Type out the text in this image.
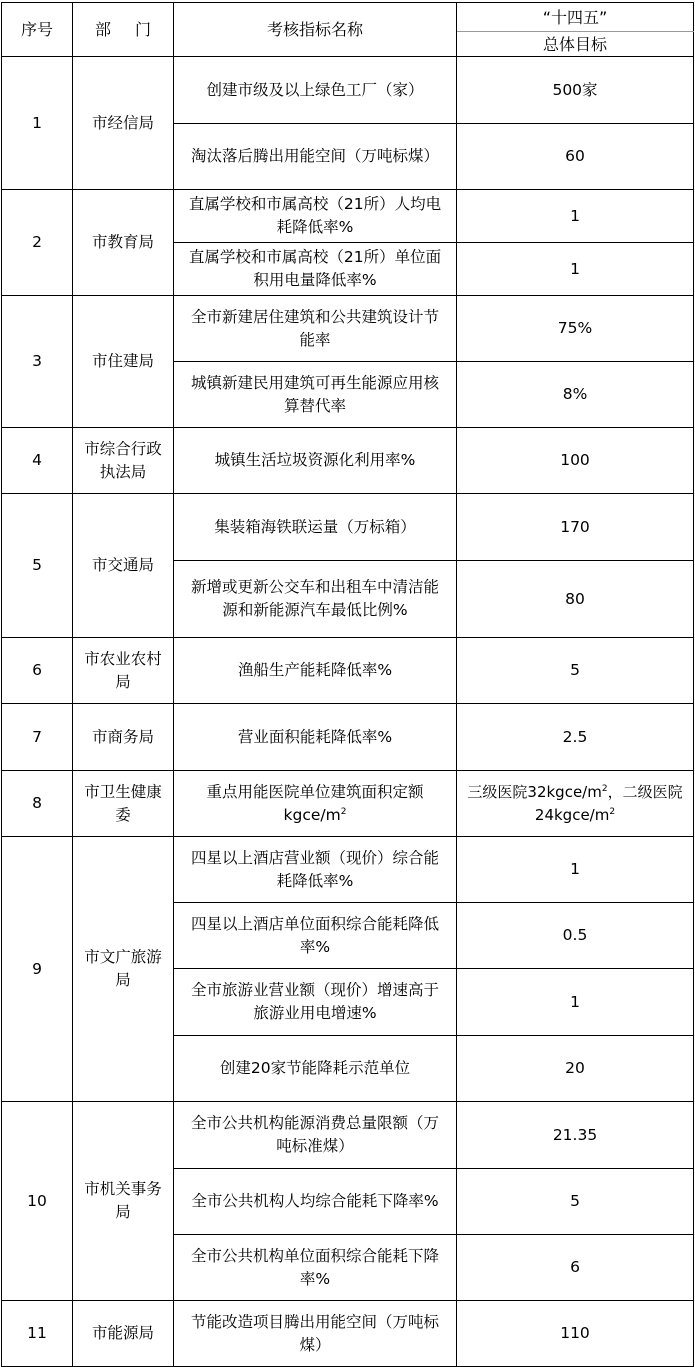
序号	部 门	考核指标名称	“十四五”
			总体目标
1	市经信局	创建市级及以上绿色工厂（家）	500家
		淘汰落后腾出用能空间（万吨标煤）	60
2	市教育局	直属学校和市属高校（21所）人均电耗降低率%	1
		直属学校和市属高校（21所）单位面积用电量降低率%	1
3	市住建局	全市新建居住建筑和公共建筑设计节能率	75%
		城镇新建民用建筑可再生能源应用核算替代率	8%
4	市综合行政执法局	城镇生活垃圾资源化利用率%	100
5	市交通局	集装箱海铁联运量（万标箱）	170
		新增或更新公交车和出租车中清洁能源和新能源汽车最低比例%	80
6	市农业农村局	渔船生产能耗降低率%	5
7	市商务局	营业面积能耗降低率%	2.5
8	市卫生健康委	重点用能医院单位建筑面积定额kgce/$m^2$	三级医院$32kgce/m^2$，二级医院$24kgce/m^2$
9	市文广旅游局	四星以上酒店营业额（现价）综合能耗降低率%	1
		四星以上酒店单位面积综合能耗降低率%	0.5
		全市旅游业营业额（现价）增速高于旅游业用电增速%	1
		创建20家节能降耗示范单位	20
10	市机关事务局	全市公共机构能源消费总量限额（万吨标准煤）	21.35
		全市公共机构人均综合能耗下降率%	5
		全市公共机构单位面积综合能耗下降率%	6
11	市能源局	节能改造项目腾出用能空间（万吨标煤）	110
